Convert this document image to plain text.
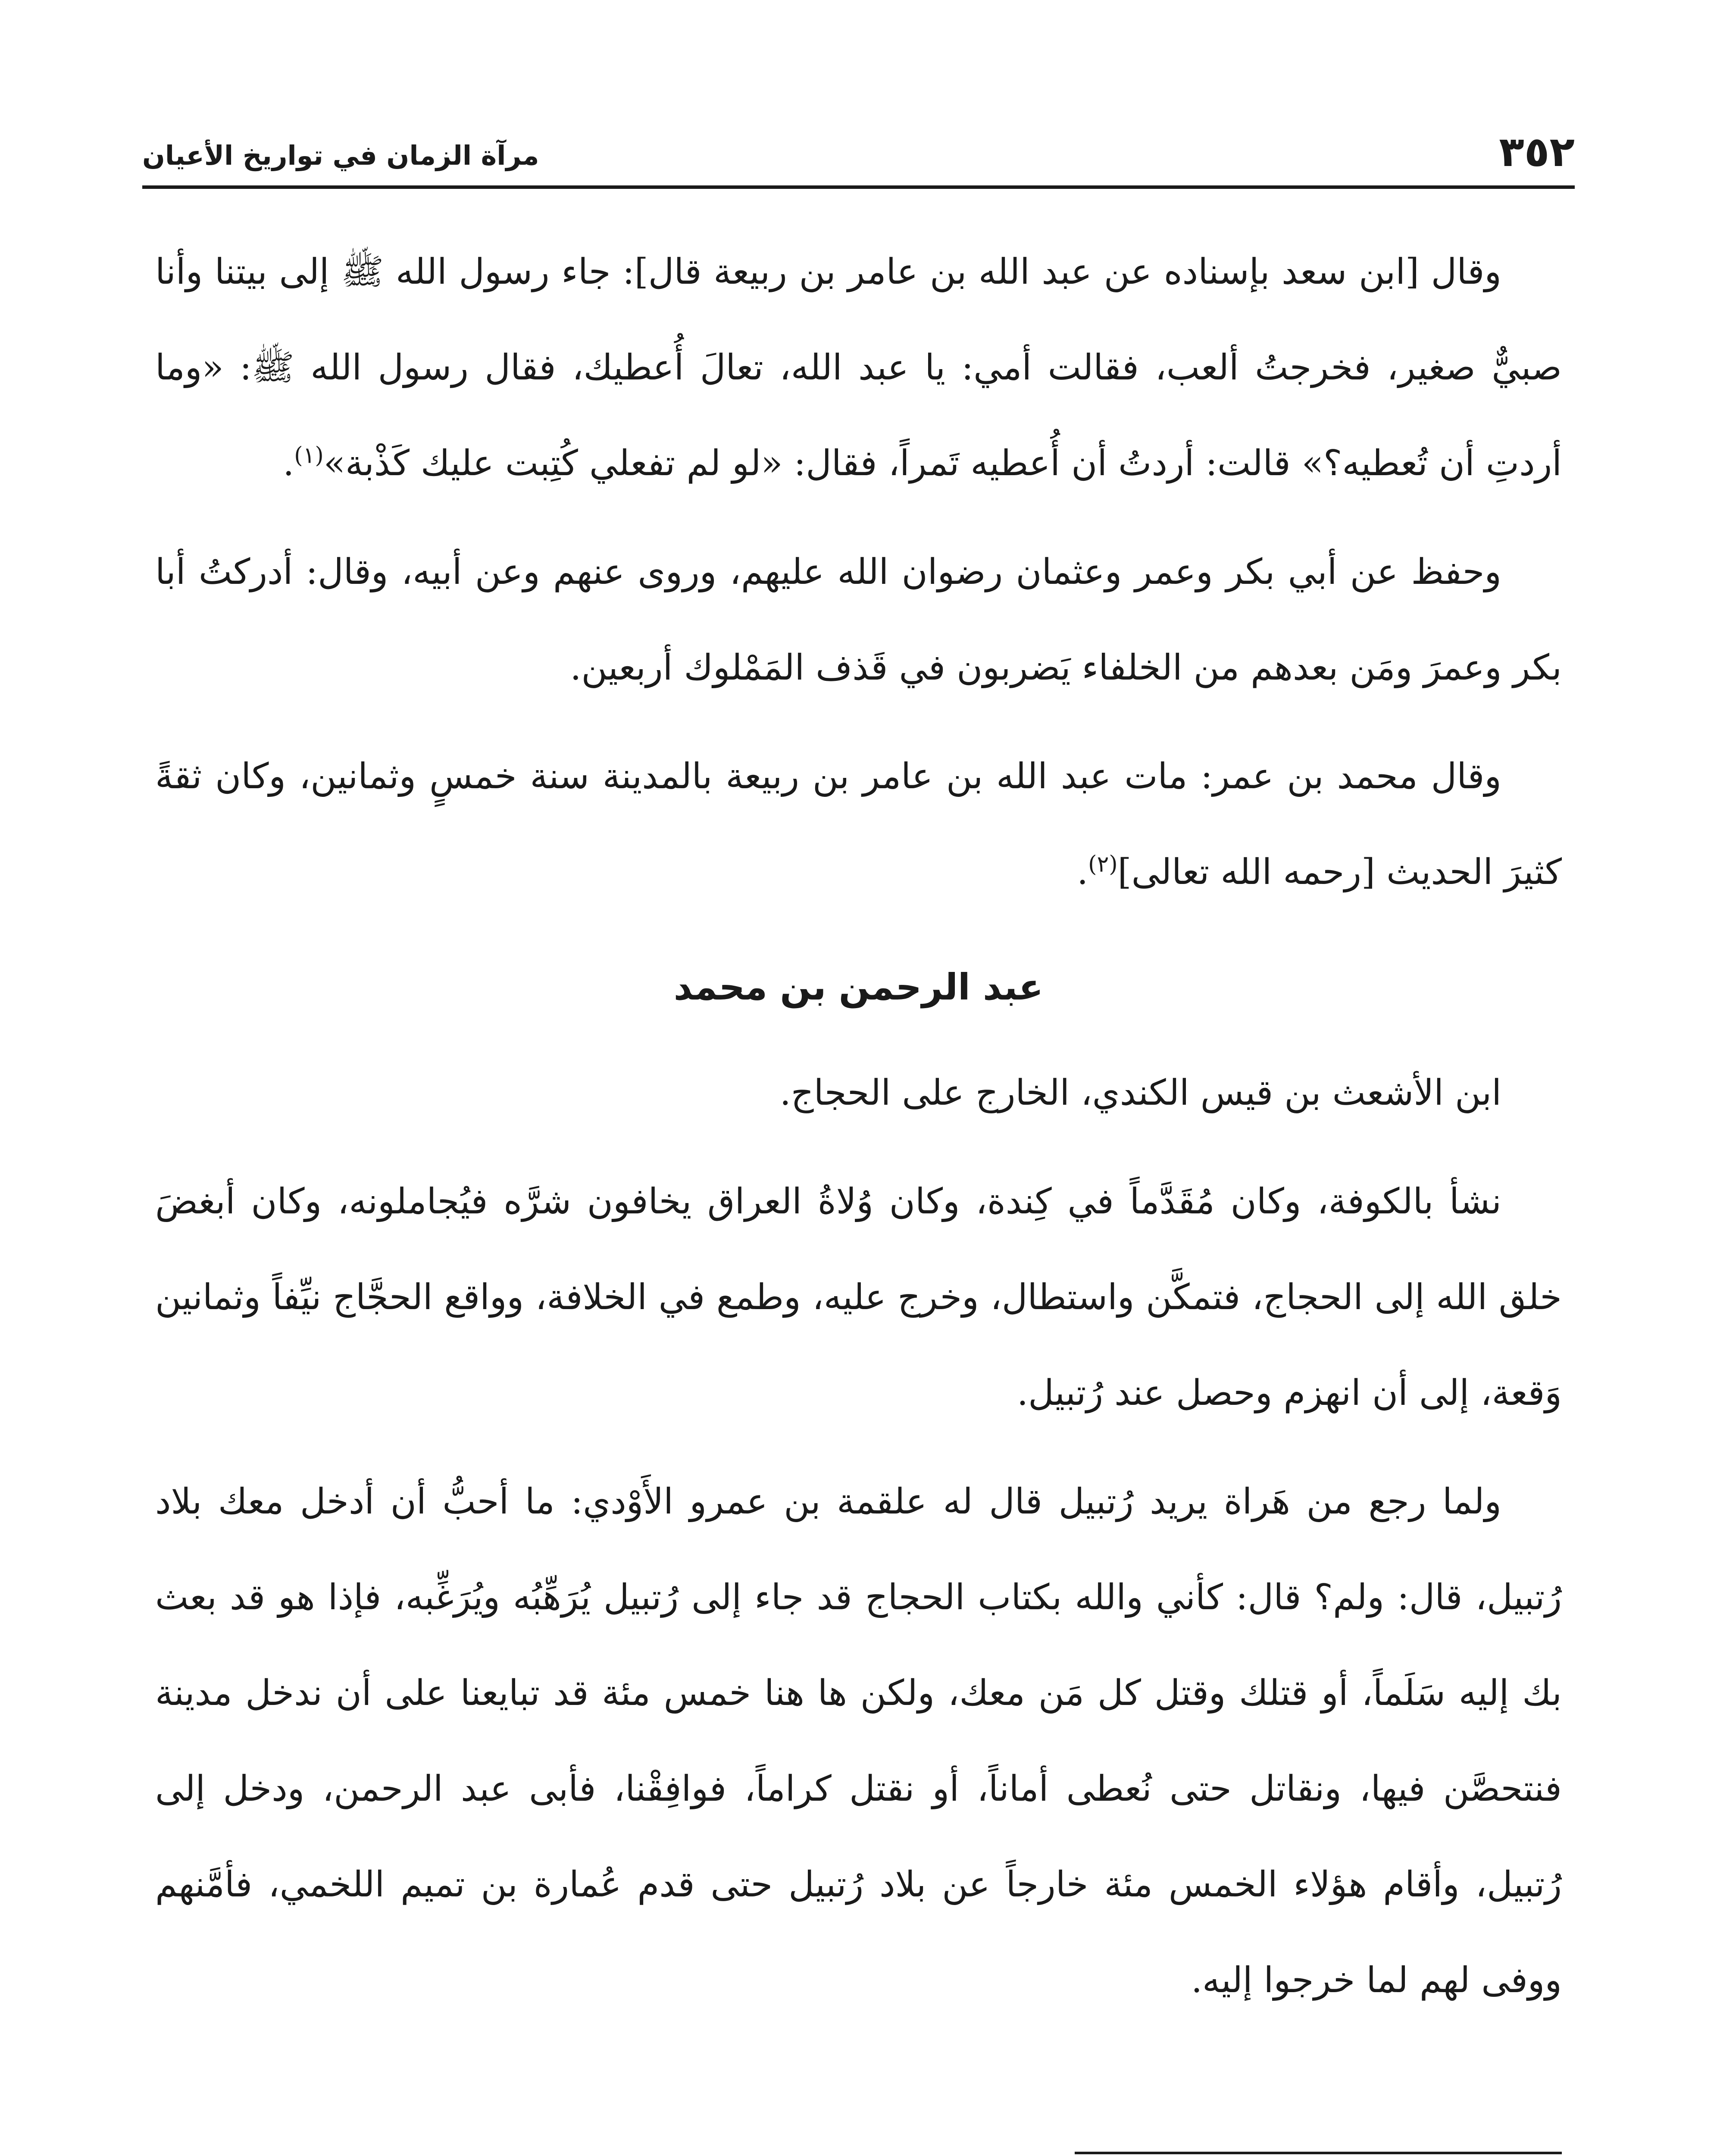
٣٥٢
مرآة الزمان في تواريخ الأعيان

وقال [ابن سعد بإسناده عن عبد الله بن عامر بن ربيعة قال]: جاء رسول الله ﷺ إلى بيتنا وأنا صبيٌّ صغير، فخرجتُ ألعب، فقالت أمي: يا عبد الله، تعالَ أُعطيك، فقال رسول الله ﷺ: «وما أردتِ أن تُعطيه؟» قالت: أردتُ أن أُعطيه تَمراً، فقال: «لو لم تفعلي كُتِبت عليك كَذْبة»$^{(١)}$.

وحفظ عن أبي بكر وعمر وعثمان رضوان الله عليهم، وروى عنهم وعن أبيه، وقال: أدركتُ أبا بكر وعمرَ ومَن بعدهم من الخلفاء يَضربون في قَذف المَمْلوك أربعين.

وقال محمد بن عمر: مات عبد الله بن عامر بن ربيعة بالمدينة سنة خمسٍ وثمانين، وكان ثقةً كثيرَ الحديث [رحمه الله تعالى]$^{(٢)}$.

عبد الرحمن بن محمد

ابن الأشعث بن قيس الكندي، الخارج على الحجاج.

نشأ بالكوفة، وكان مُقَدَّماً في كِندة، وكان وُلاةُ العراق يخافون شرَّه فيُجاملونه، وكان أبغضَ خلق الله إلى الحجاج، فتمكَّن واستطال، وخرج عليه، وطمع في الخلافة، وواقع الحجَّاج نيِّفاً وثمانين وَقعة، إلى أن انهزم وحصل عند رُتبيل.

ولما رجع من هَراة يريد رُتبيل قال له علقمة بن عمرو الأَوْدي: ما أحبُّ أن أدخل معك بلاد رُتبيل، قال: ولم؟ قال: كأني والله بكتاب الحجاج قد جاء إلى رُتبيل يُرَهِّبُه ويُرَغِّبه، فإذا هو قد بعث بك إليه سَلَماً، أو قتلك وقتل كل مَن معك، ولكن ها هنا خمس مئة قد تبايعنا على أن ندخل مدينة فنتحصَّن فيها، ونقاتل حتى نُعطى أماناً، أو نقتل كراماً، فوافِقْنا، فأبى عبد الرحمن، ودخل إلى رُتبيل، وأقام هؤلاء الخمس مئة خارجاً عن بلاد رُتبيل حتى قدم عُمارة بن تميم اللخمي، فأمَّنهم ووفى لهم لما خرجوا إليه.
